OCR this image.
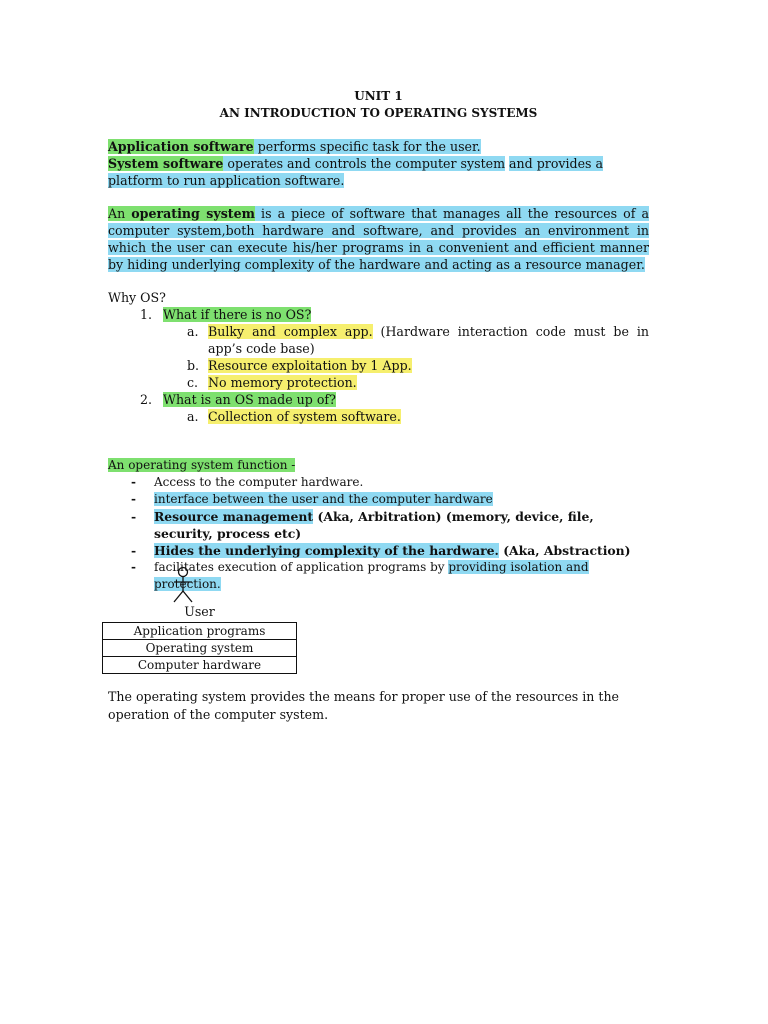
UNIT 1

AN INTRODUCTION TO OPERATING SYSTEMS

Application software performs specific task for the user.

System software operates and controls the computer system and provides a platform to run application software.

An operating system is a piece of software that manages all the resources of a computer system,both hardware and software, and provides an environment in which the user can execute his/her programs in a convenient and efficient manner by hiding underlying complexity of the hardware and acting as a resource manager.

Why OS?

1. What if there is no OS?
a. Bulky and complex app. (Hardware interaction code must be in app’s code base)
b. Resource exploitation by 1 App.
c. No memory protection.
2. What is an OS made up of?
a. Collection of system software.

An operating system function -

- Access to the computer hardware.
- interface between the user and the computer hardware
- Resource management (Aka, Arbitration) (memory, device, file, security, process etc)
- Hides the underlying complexity of the hardware. (Aka, Abstraction)
- facilitates execution of application programs by providing isolation and protection.
User
Application programs
Operating system
Computer hardware

The operating system provides the means for proper use of the resources in the operation of the computer system.
